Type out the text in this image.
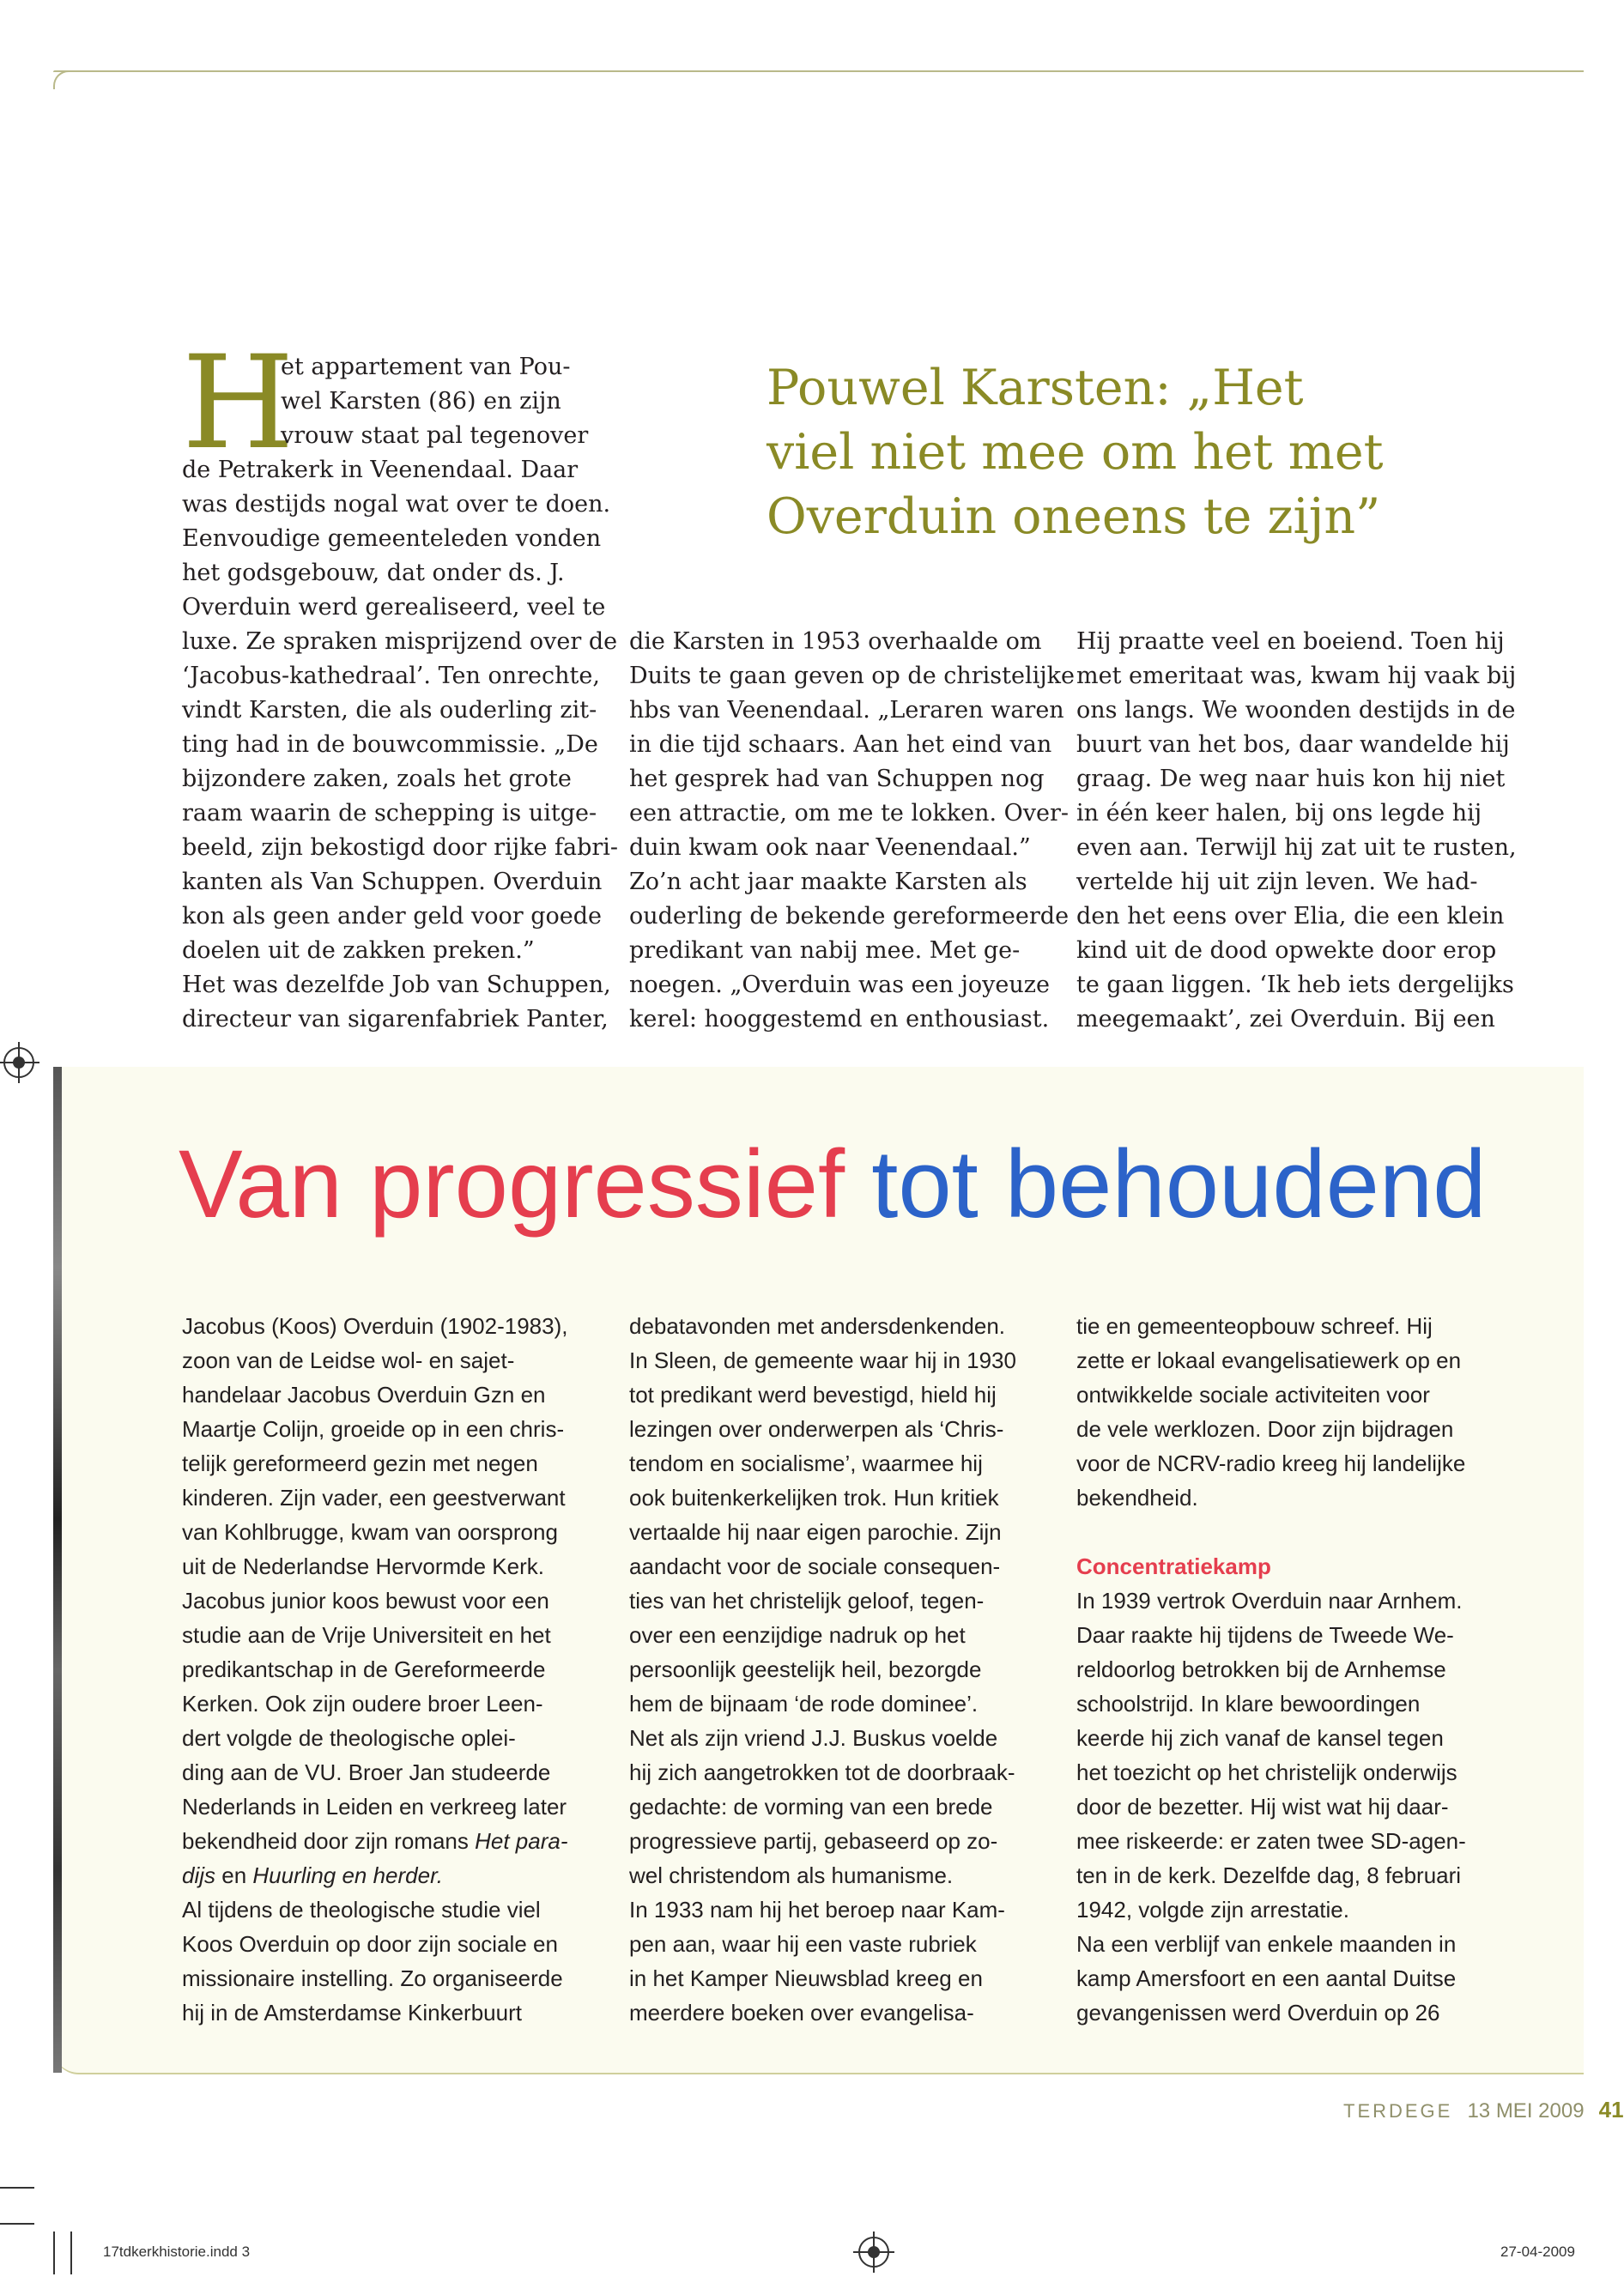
H

et appartement van Pou-

wel Karsten (86) en zijn

vrouw staat pal tegenover

de Petrakerk in Veenendaal. Daar

was destijds nogal wat over te doen.

Eenvoudige gemeenteleden vonden

het godsgebouw, dat onder ds. J.

Overduin werd gerealiseerd, veel te

luxe. Ze spraken misprijzend over de

‘Jacobus-kathedraal’. Ten onrechte,

vindt Karsten, die als ouderling zit-

ting had in de bouwcommissie. „De

bijzondere zaken, zoals het grote

raam waarin de schepping is uitge-

beeld, zijn bekostigd door rijke fabri-

kanten als Van Schuppen. Overduin

kon als geen ander geld voor goede

doelen uit de zakken preken.”

Het was dezelfde Job van Schuppen,

directeur van sigarenfabriek Panter,

Pouwel Karsten: „Het

viel niet mee om het met

Overduin oneens te zijn”

die Karsten in 1953 overhaalde om

Duits te gaan geven op de christelijke

hbs van Veenendaal. „Leraren waren

in die tijd schaars. Aan het eind van

het gesprek had van Schuppen nog

een attractie, om me te lokken. Over-

duin kwam ook naar Veenendaal.”

Zo’n acht jaar maakte Karsten als

ouderling de bekende gereformeerde

predikant van nabij mee. Met ge-

noegen. „Overduin was een joyeuze

kerel: hooggestemd en enthousiast.

Hij praatte veel en boeiend. Toen hij

met emeritaat was, kwam hij vaak bij

ons langs. We woonden destijds in de

buurt van het bos, daar wandelde hij

graag. De weg naar huis kon hij niet

in één keer halen, bij ons legde hij

even aan. Terwijl hij zat uit te rusten,

vertelde hij uit zijn leven. We had-

den het eens over Elia, die een klein

kind uit de dood opwekte door erop

te gaan liggen. ‘Ik heb iets dergelijks

meegemaakt’, zei Overduin. Bij een

Van progressief tot behoudend

Jacobus (Koos) Overduin (1902-1983),

zoon van de Leidse wol- en sajet-

handelaar Jacobus Overduin Gzn en

Maartje Colijn, groeide op in een chris-

telijk gereformeerd gezin met negen

kinderen. Zijn vader, een geestverwant

van Kohlbrugge, kwam van oorsprong

uit de Nederlandse Hervormde Kerk.

Jacobus junior koos bewust voor een

studie aan de Vrije Universiteit en het

predikantschap in de Gereformeerde

Kerken. Ook zijn oudere broer Leen-

dert volgde de theologische oplei-

ding aan de VU. Broer Jan studeerde

Nederlands in Leiden en verkreeg later

bekendheid door zijn romans Het para-

dijs en Huurling en herder.

Al tijdens de theologische studie viel

Koos Overduin op door zijn sociale en

missionaire instelling. Zo organiseerde

hij in de Amsterdamse Kinkerbuurt

debatavonden met andersdenkenden.

In Sleen, de gemeente waar hij in 1930

tot predikant werd bevestigd, hield hij

lezingen over onderwerpen als ‘Chris-

tendom en socialisme’, waarmee hij

ook buitenkerkelijken trok. Hun kritiek

vertaalde hij naar eigen parochie. Zijn

aandacht voor de sociale consequen-

ties van het christelijk geloof, tegen-

over een eenzijdige nadruk op het

persoonlijk geestelijk heil, bezorgde

hem de bijnaam ‘de rode dominee’.

Net als zijn vriend J.J. Buskus voelde

hij zich aangetrokken tot de doorbraak-

gedachte: de vorming van een brede

progressieve partij, gebaseerd op zo-

wel christendom als humanisme.

In 1933 nam hij het beroep naar Kam-

pen aan, waar hij een vaste rubriek

in het Kamper Nieuwsblad kreeg en

meerdere boeken over evangelisa-

tie en gemeenteopbouw schreef. Hij

zette er lokaal evangelisatiewerk op en

ontwikkelde sociale activiteiten voor

de vele werklozen. Door zijn bijdragen

voor de NCRV-radio kreeg hij landelijke

bekendheid.

Concentratiekamp

In 1939 vertrok Overduin naar Arnhem.

Daar raakte hij tijdens de Tweede We-

reldoorlog betrokken bij de Arnhemse

schoolstrijd. In klare bewoordingen

keerde hij zich vanaf de kansel tegen

het toezicht op het christelijk onderwijs

door de bezetter. Hij wist wat hij daar-

mee riskeerde: er zaten twee SD-agen-

ten in de kerk. Dezelfde dag, 8 februari

1942, volgde zijn arrestatie.

Na een verblijf van enkele maanden in

kamp Amersfoort en een aantal Duitse

gevangenissen werd Overduin op 26

TERDEGE 13 MEI 2009 41
17tdkerkhistorie.indd 3	27-04-2009
